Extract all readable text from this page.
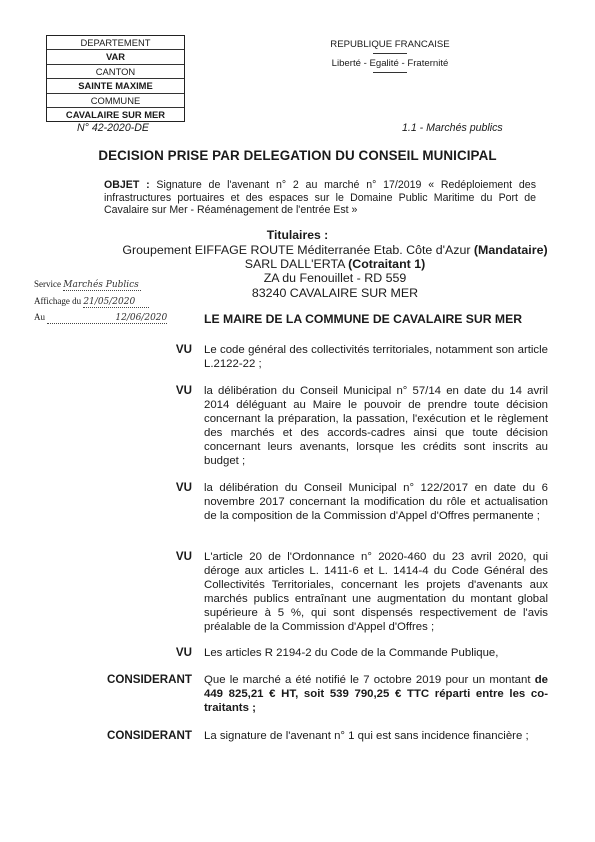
DEPARTEMENT
VAR
CANTON
SAINTE MAXIME
COMMUNE
CAVALAIRE SUR MER
REPUBLIQUE FRANCAISE
Liberté - Egalité - Fraternité
N° 42-2020-DE	1.1 - Marchés publics
DECISION PRISE PAR DELEGATION DU CONSEIL MUNICIPAL
OBJET : Signature de l'avenant n° 2 au marché n° 17/2019 « Redéploiement des infrastructures portuaires et des espaces sur le Domaine Public Maritime du Port de Cavalaire sur Mer - Réaménagement de l'entrée Est »
Titulaires :
Groupement EIFFAGE ROUTE Méditerranée Etab. Côte d'Azur (Mandataire)
SARL DALL'ERTA (Cotraitant 1)
ZA du Fenouillet - RD 559
83240 CAVALAIRE SUR MER
Service Marchés Publics
Affichage du 21/05/2020
Au	12/06/2020	LE MAIRE DE LA COMMUNE DE CAVALAIRE SUR MER
VU Le code général des collectivités territoriales, notamment son article L.2122-22 ;
VU la délibération du Conseil Municipal n° 57/14 en date du 14 avril 2014 déléguant au Maire le pouvoir de prendre toute décision concernant la préparation, la passation, l'exécution et le règlement des marchés et des accords-cadres ainsi que toute décision concernant leurs avenants, lorsque les crédits sont inscrits au budget ;
VU la délibération du Conseil Municipal n° 122/2017 en date du 6 novembre 2017 concernant la modification du rôle et actualisation de la composition de la Commission d'Appel d'Offres permanente ;
VU L'article 20 de l'Ordonnance n° 2020-460 du 23 avril 2020, qui déroge aux articles L. 1411-6 et L. 1414-4 du Code Général des Collectivités Territoriales, concernant les projets d'avenants aux marchés publics entraînant une augmentation du montant global supérieure à 5 %, qui sont dispensés respectivement de l'avis préalable de la Commission d'Appel d'Offres ;
VU Les articles R 2194-2 du Code de la Commande Publique,
CONSIDERANT Que le marché a été notifié le 7 octobre 2019 pour un montant de 449 825,21 € HT, soit 539 790,25 € TTC réparti entre les co-traitants ;
CONSIDERANT La signature de l'avenant n° 1 qui est sans incidence financière ;
